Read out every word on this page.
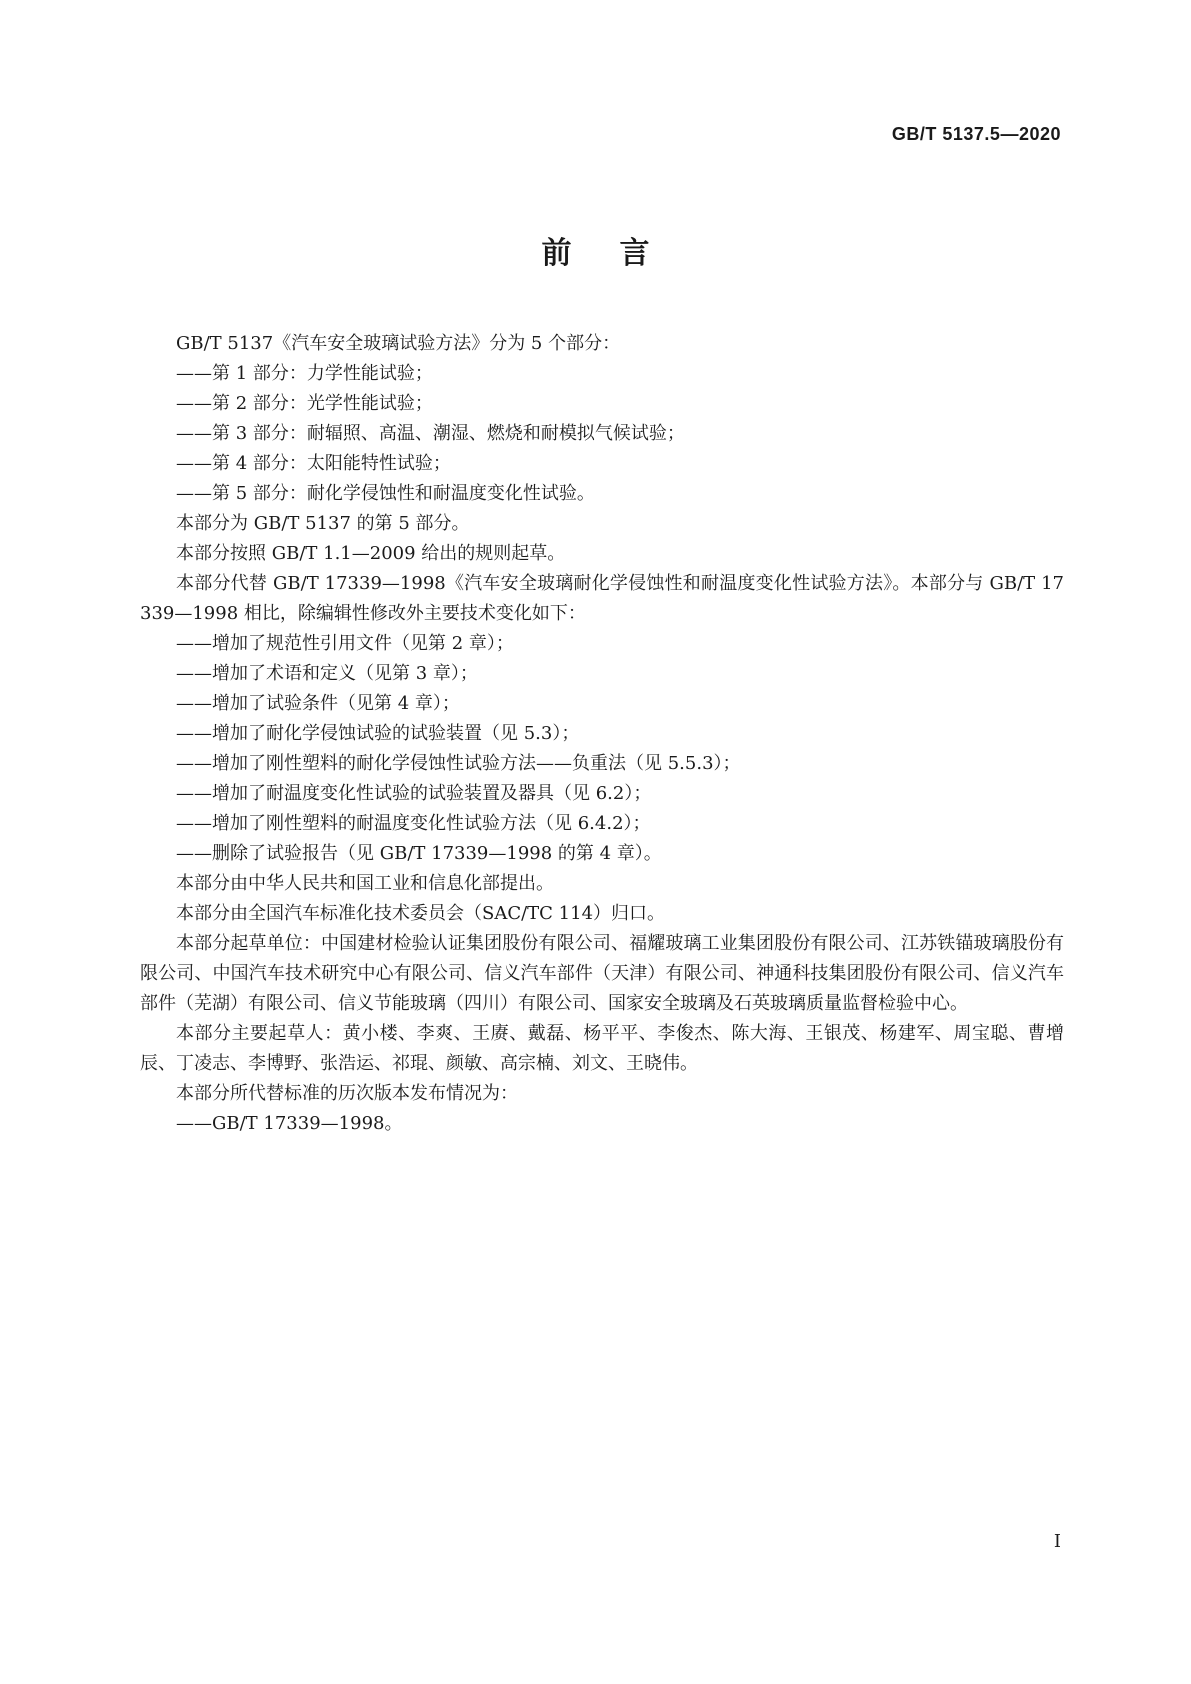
GB/T 5137.5—2020
前言

GB/T 5137《汽车安全玻璃试验方法》分为 5 个部分：

——第 1 部分：力学性能试验；

——第 2 部分：光学性能试验；

——第 3 部分：耐辐照、高温、潮湿、燃烧和耐模拟气候试验；

——第 4 部分：太阳能特性试验；

——第 5 部分：耐化学侵蚀性和耐温度变化性试验。

本部分为 GB/T 5137 的第 5 部分。

本部分按照 GB/T 1.1—2009 给出的规则起草。

本部分代替 GB/T 17339—1998《汽车安全玻璃耐化学侵蚀性和耐温度变化性试验方法》。本部分与 GB/T 17339—1998 相比，除编辑性修改外主要技术变化如下：

——增加了规范性引用文件（见第 2 章）；

——增加了术语和定义（见第 3 章）；

——增加了试验条件（见第 4 章）；

——增加了耐化学侵蚀试验的试验装置（见 5.3）；

——增加了刚性塑料的耐化学侵蚀性试验方法——负重法（见 5.5.3）；

——增加了耐温度变化性试验的试验装置及器具（见 6.2）；

——增加了刚性塑料的耐温度变化性试验方法（见 6.4.2）；

——删除了试验报告（见 GB/T 17339—1998 的第 4 章）。

本部分由中华人民共和国工业和信息化部提出。

本部分由全国汽车标准化技术委员会（SAC/TC 114）归口。

本部分起草单位：中国建材检验认证集团股份有限公司、福耀玻璃工业集团股份有限公司、江苏铁锚玻璃股份有限公司、中国汽车技术研究中心有限公司、信义汽车部件（天津）有限公司、神通科技集团股份有限公司、信义汽车部件（芜湖）有限公司、信义节能玻璃（四川）有限公司、国家安全玻璃及石英玻璃质量监督检验中心。

本部分主要起草人：黄小楼、李爽、王赓、戴磊、杨平平、李俊杰、陈大海、王银茂、杨建军、周宝聪、曹增辰、丁凌志、李博野、张浩运、祁琨、颜敏、高宗楠、刘文、王晓伟。

本部分所代替标准的历次版本发布情况为：

——GB/T 17339—1998。

I
